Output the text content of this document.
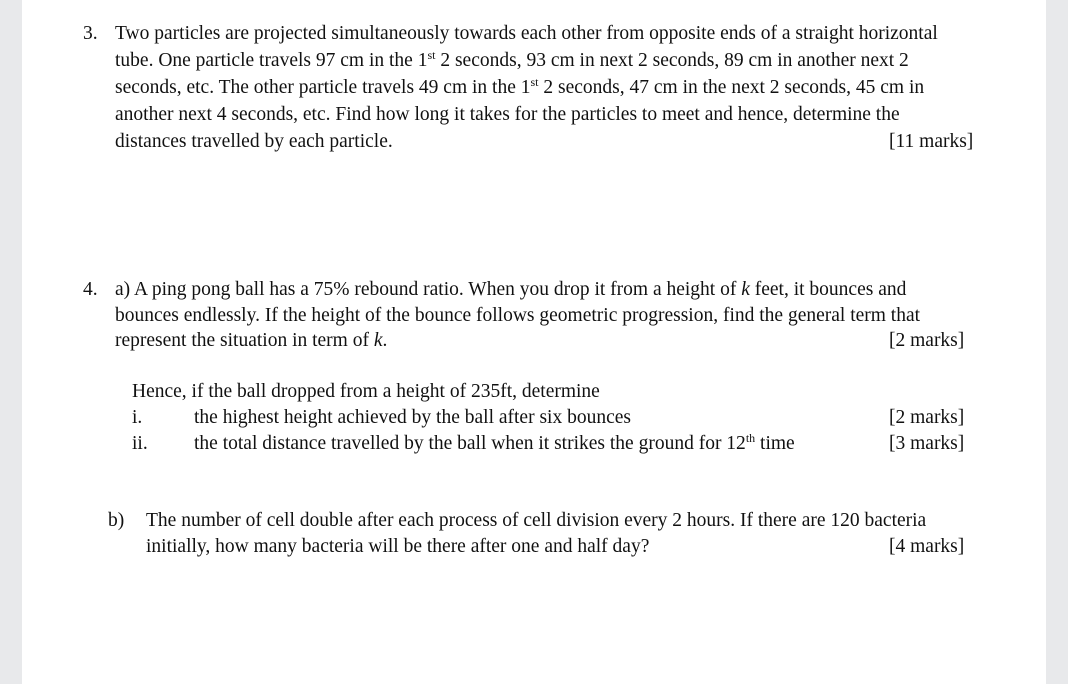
3. Two particles are projected simultaneously towards each other from opposite ends of a straight horizontal
tube. One particle travels 97 cm in the 1st 2 seconds, 93 cm in next 2 seconds, 89 cm in another next 2
seconds, etc. The other particle travels 49 cm in the 1st 2 seconds, 47 cm in the next 2 seconds, 45 cm in
another next 4 seconds, etc. Find how long it takes for the particles to meet and hence, determine the
distances travelled by each particle.	[11 marks]
4. a) A ping pong ball has a 75% rebound ratio. When you drop it from a height of k feet, it bounces and
bounces endlessly. If the height of the bounce follows geometric progression, find the general term that
represent the situation in term of k.	[2 marks]
Hence, if the ball dropped from a height of 235ft, determine
i.	the highest height achieved by the ball after six bounces	[2 marks]
ii. the total distance travelled by the ball when it strikes the ground for 12th time	[3 marks]
b) The number of cell double after each process of cell division every 2 hours. If there are 120 bacteria
initially, how many bacteria will be there after one and half day?	[4 marks]
